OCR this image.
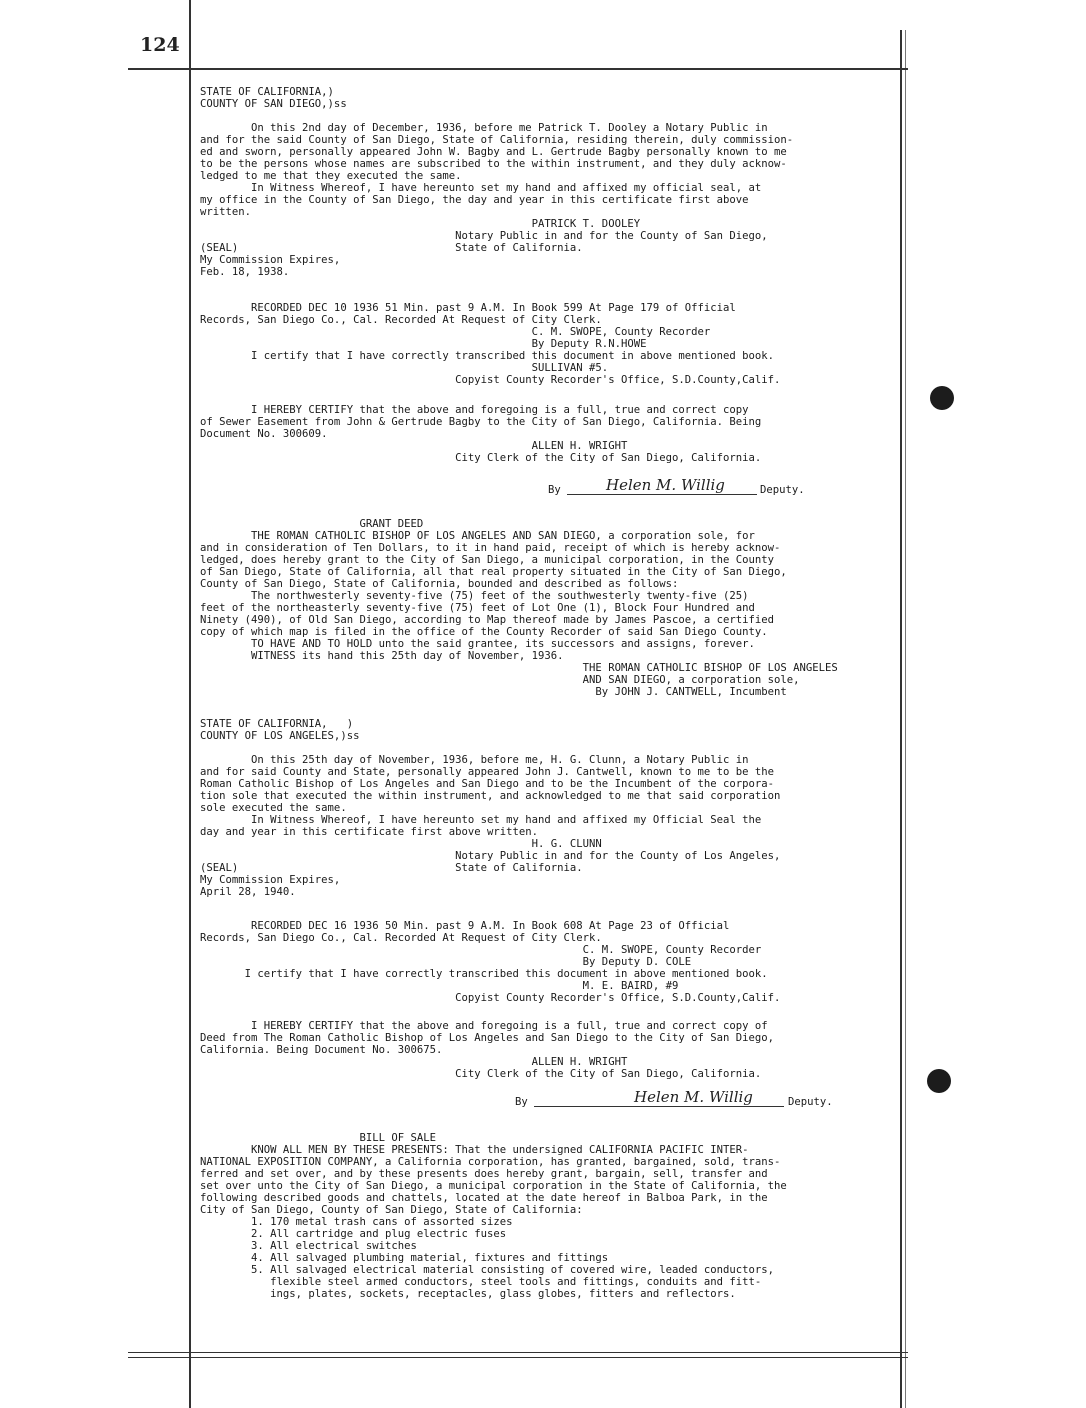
124
STATE OF CALIFORNIA,)
COUNTY OF SAN DIEGO,)ss

On this 2nd day of December, 1936, before me Patrick T. Dooley a Notary Public in
and for the said County of San Diego, State of California, residing therein, duly commission-
ed and sworn, personally appeared John W. Bagby and L. Gertrude Bagby personally known to me
to be the persons whose names are subscribed to the within instrument, and they duly acknow-
ledged to me that they executed the same.
In Witness Whereof, I have hereunto set my hand and affixed my official seal, at
my office in the County of San Diego, the day and year in this certificate first above
written.
PATRICK T. DOOLEY
Notary Public in and for the County of San Diego,
(SEAL)                                  State of California.
My Commission Expires,
Feb. 18, 1938.
RECORDED DEC 10 1936 51 Min. past 9 A.M. In Book 599 At Page 179 of Official
Records, San Diego Co., Cal. Recorded At Request of City Clerk.
C. M. SWOPE, County Recorder
By Deputy R.N.HOWE
I certify that I have correctly transcribed this document in above mentioned book.
SULLIVAN #5.
Copyist County Recorder's Office, S.D.County,Calif.
I HEREBY CERTIFY that the above and foregoing is a full, true and correct copy
of Sewer Easement from John & Gertrude Bagby to the City of San Diego, California. Being
Document No. 300609.
ALLEN H. WRIGHT
City Clerk of the City of San Diego, California.
By	Helen M. Willig	Deputy.
GRANT DEED
THE ROMAN CATHOLIC BISHOP OF LOS ANGELES AND SAN DIEGO, a corporation sole, for
and in consideration of Ten Dollars, to it in hand paid, receipt of which is hereby acknow-
ledged, does hereby grant to the City of San Diego, a municipal corporation, in the County
of San Diego, State of California, all that real property situated in the City of San Diego,
County of San Diego, State of California, bounded and described as follows:
The northwesterly seventy-five (75) feet of the southwesterly twenty-five (25)
feet of the northeasterly seventy-five (75) feet of Lot One (1), Block Four Hundred and
Ninety (490), of Old San Diego, according to Map thereof made by James Pascoe, a certified
copy of which map is filed in the office of the County Recorder of said San Diego County.
TO HAVE AND TO HOLD unto the said grantee, its successors and assigns, forever.
WITNESS its hand this 25th day of November, 1936.
THE ROMAN CATHOLIC BISHOP OF LOS ANGELES
AND SAN DIEGO, a corporation sole,
By JOHN J. CANTWELL, Incumbent
STATE OF CALIFORNIA,   )
COUNTY OF LOS ANGELES,)ss

On this 25th day of November, 1936, before me, H. G. Clunn, a Notary Public in
and for said County and State, personally appeared John J. Cantwell, known to me to be the
Roman Catholic Bishop of Los Angeles and San Diego and to be the Incumbent of the corpora-
tion sole that executed the within instrument, and acknowledged to me that said corporation
sole executed the same.
In Witness Whereof, I have hereunto set my hand and affixed my Official Seal the
day and year in this certificate first above written.
H. G. CLUNN
Notary Public in and for the County of Los Angeles,
(SEAL)                                  State of California.
My Commission Expires,
April 28, 1940.
RECORDED DEC 16 1936 50 Min. past 9 A.M. In Book 608 At Page 23 of Official
Records, San Diego Co., Cal. Recorded At Request of City Clerk.
C. M. SWOPE, County Recorder
By Deputy D. COLE
I certify that I have correctly transcribed this document in above mentioned book.
M. E. BAIRD, #9
Copyist County Recorder's Office, S.D.County,Calif.
I HEREBY CERTIFY that the above and foregoing is a full, true and correct copy of
Deed from The Roman Catholic Bishop of Los Angeles and San Diego to the City of San Diego,
California. Being Document No. 300675.
ALLEN H. WRIGHT
City Clerk of the City of San Diego, California.
By	Helen M. Willig	Deputy.
BILL OF SALE
KNOW ALL MEN BY THESE PRESENTS: That the undersigned CALIFORNIA PACIFIC INTER-
NATIONAL EXPOSITION COMPANY, a California corporation, has granted, bargained, sold, trans-
ferred and set over, and by these presents does hereby grant, bargain, sell, transfer and
set over unto the City of San Diego, a municipal corporation in the State of California, the
following described goods and chattels, located at the date hereof in Balboa Park, in the
City of San Diego, County of San Diego, State of California:
1. 170 metal trash cans of assorted sizes
2. All cartridge and plug electric fuses
3. All electrical switches
4. All salvaged plumbing material, fixtures and fittings
5. All salvaged electrical material consisting of covered wire, leaded conductors,
flexible steel armed conductors, steel tools and fittings, conduits and fitt-
ings, plates, sockets, receptacles, glass globes, fitters and reflectors.
